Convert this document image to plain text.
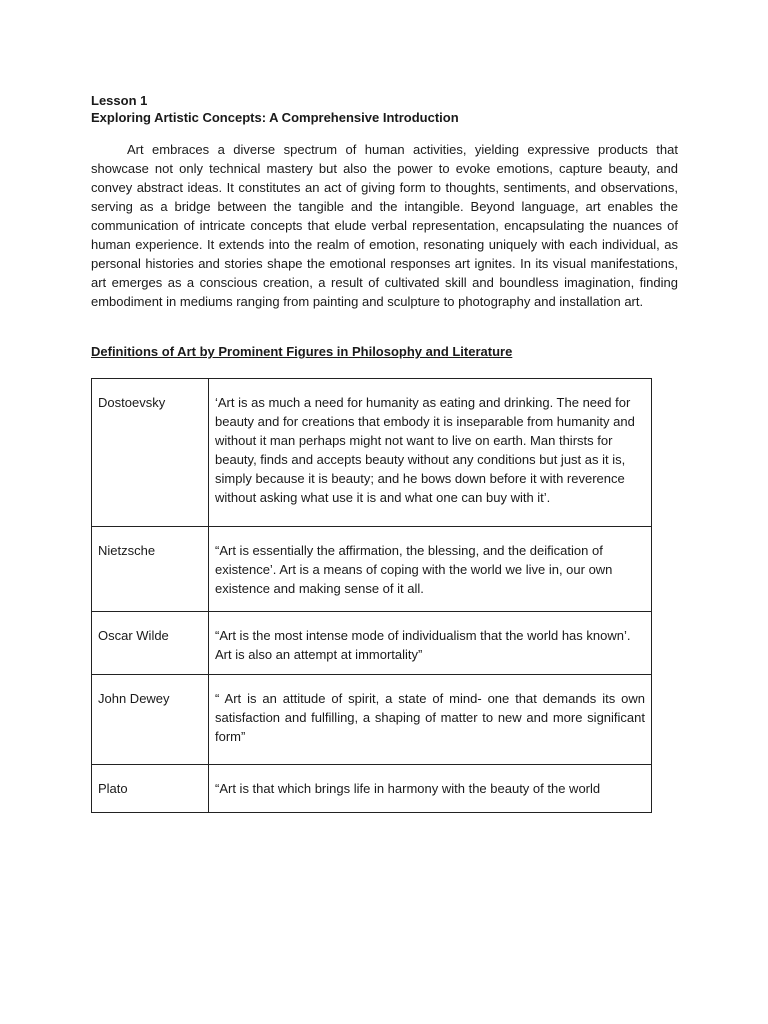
Lesson 1

Exploring Artistic Concepts: A Comprehensive Introduction

Art embraces a diverse spectrum of human activities, yielding expressive products that showcase not only technical mastery but also the power to evoke emotions, capture beauty, and convey abstract ideas. It constitutes an act of giving form to thoughts, sentiments, and observations, serving as a bridge between the tangible and the intangible. Beyond language, art enables the communication of intricate concepts that elude verbal representation, encapsulating the nuances of human experience. It extends into the realm of emotion, resonating uniquely with each individual, as personal histories and stories shape the emotional responses art ignites. In its visual manifestations, art emerges as a conscious creation, a result of cultivated skill and boundless imagination, finding embodiment in mediums ranging from painting and sculpture to photography and installation art.

Definitions of Art by Prominent Figures in Philosophy and Literature

Dostoevsky	‘Art is as much a need for humanity as eating and drinking. The need for beauty and for creations that embody it is inseparable from humanity and without it man perhaps might not want to live on earth. Man thirsts for beauty, finds and accepts beauty without any conditions but just as it is, simply because it is beauty; and he bows down before it with reverence without asking what use it is and what one can buy with it’.
Nietzsche	“Art is essentially the affirmation, the blessing, and the deification of existence’. Art is a means of coping with the world we live in, our own existence and making sense of it all.
Oscar Wilde	“Art is the most intense mode of individualism that the world has known’. Art is also an attempt at immortality”
John Dewey	“ Art is an attitude of spirit, a state of mind- one that demands its own satisfaction and fulfilling, a shaping of matter to new and more significant form”
Plato	“Art is that which brings life in harmony with the beauty of the world
